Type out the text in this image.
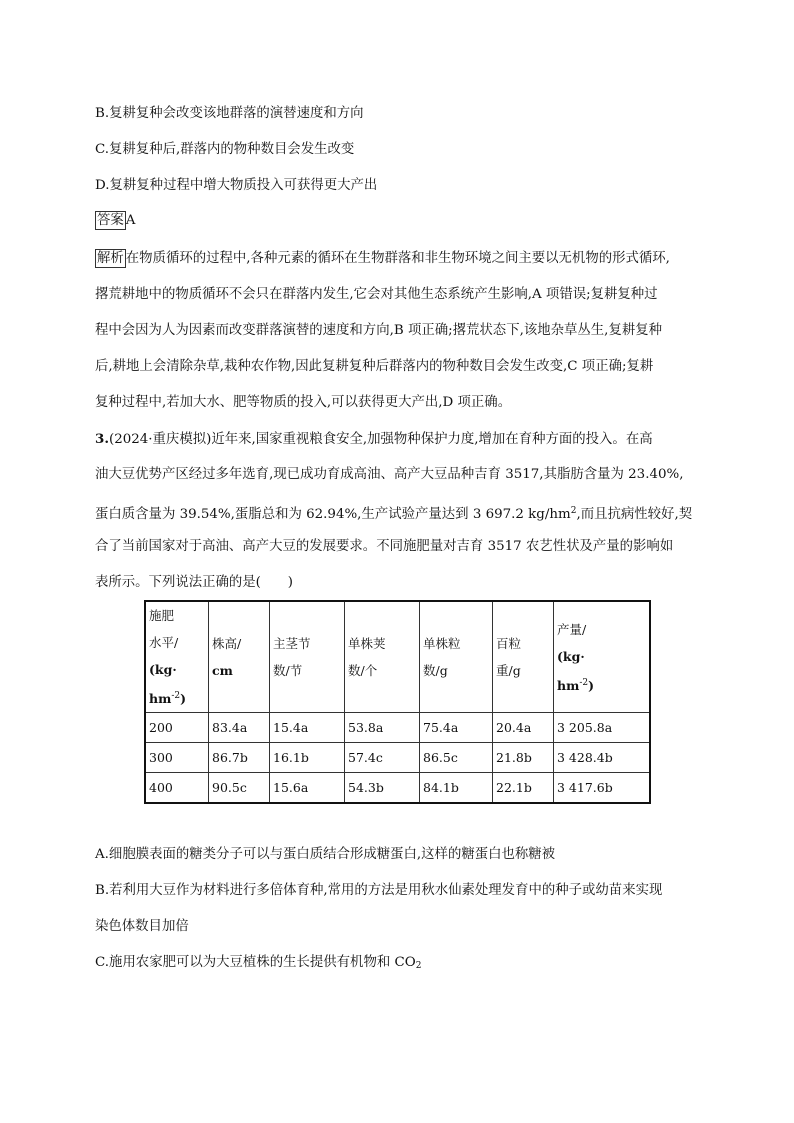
B.复耕复种会改变该地群落的演替速度和方向
C.复耕复种后,群落内的物种数目会发生改变
D.复耕复种过程中增大物质投入可获得更大产出
答案 A
解析 在物质循环的过程中,各种元素的循环在生物群落和非生物环境之间主要以无机物的形式循环,
撂荒耕地中的物质循环不会只在群落内发生,它会对其他生态系统产生影响,A 项错误;复耕复种过
程中会因为人为因素而改变群落演替的速度和方向,B 项正确;撂荒状态下,该地杂草丛生,复耕复种
后,耕地上会清除杂草,栽种农作物,因此复耕复种后群落内的物种数目会发生改变,C 项正确;复耕
复种过程中,若加大水、肥等物质的投入,可以获得更大产出,D 项正确。
3.(2024·重庆模拟)近年来,国家重视粮食安全,加强物种保护力度,增加在育种方面的投入。在高
油大豆优势产区经过多年选育,现已成功育成高油、高产大豆品种吉育 3517,其脂肪含量为 23.40%,
蛋白质含量为 39.54%,蛋脂总和为 62.94%,生产试验产量达到 3 697.2 $kg/hm^2$,而且抗病性较好,契
合了当前国家对于高油、高产大豆的发展要求。不同施肥量对吉育 3517 农艺性状及产量的影响如
表所示。下列说法正确的是(　　)
施肥
水平/
(kg·
$hm^{-2}$)	株高/
cm	主茎节
数/节	单株荚
数/个	单株粒
数/g	百粒
重/g	产量/
(kg·
$hm^{-2}$)
200	83.4a	15.4a	53.8a	75.4a	20.4a	3 205.8a
300	86.7b	16.1b	57.4c	86.5c	21.8b	3 428.4b
400	90.5c	15.6a	54.3b	84.1b	22.1b	3 417.6b
A.细胞膜表面的糖类分子可以与蛋白质结合形成糖蛋白,这样的糖蛋白也称糖被
B.若利用大豆作为材料进行多倍体育种,常用的方法是用秋水仙素处理发育中的种子或幼苗来实现
染色体数目加倍
C.施用农家肥可以为大豆植株的生长提供有机物和 $CO_2$
